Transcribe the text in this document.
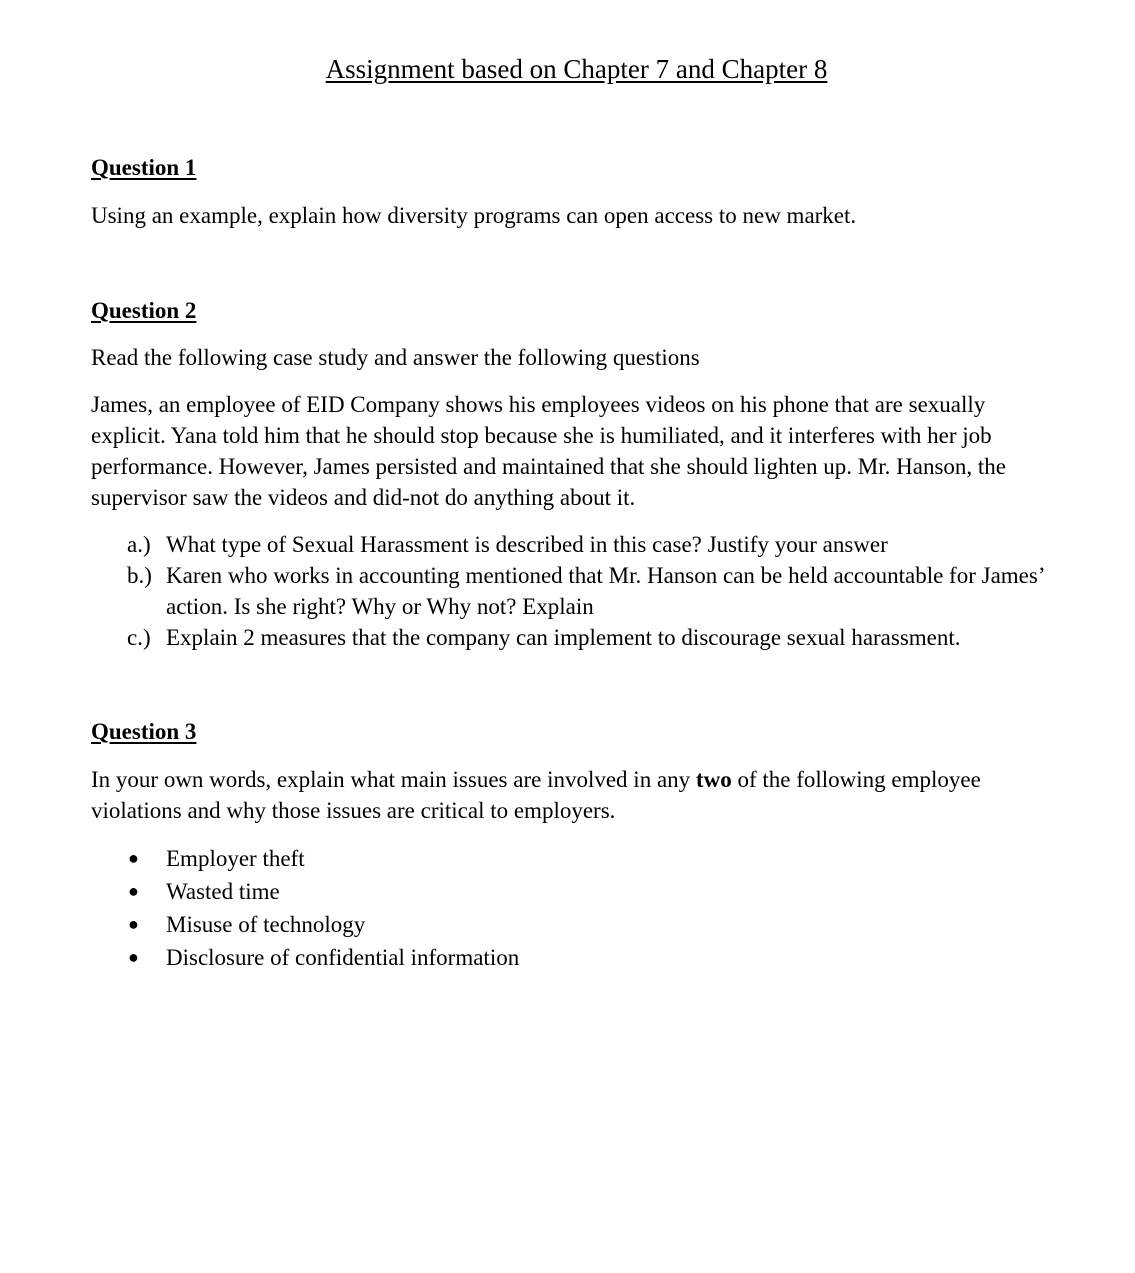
Assignment based on Chapter 7 and Chapter 8
Question 1

Using an example, explain how diversity programs can open access to new market.

Question 2

Read the following case study and answer the following questions

James, an employee of EID Company shows his employees videos on his phone that are sexually explicit. Yana told him that he should stop because she is humiliated, and it interferes with her job performance. However, James persisted and maintained that she should lighten up. Mr. Hanson, the supervisor saw the videos and did-not do anything about it.

a.) What type of Sexual Harassment is described in this case? Justify your answer
b.) Karen who works in accounting mentioned that Mr. Hanson can be held accountable for James’ action. Is she right? Why or Why not? Explain
c.) Explain 2 measures that the company can implement to discourage sexual harassment.
Question 3

In your own words, explain what main issues are involved in any two of the following employee violations and why those issues are critical to employers.

● Employer theft
● Wasted time
● Misuse of technology
● Disclosure of confidential information
